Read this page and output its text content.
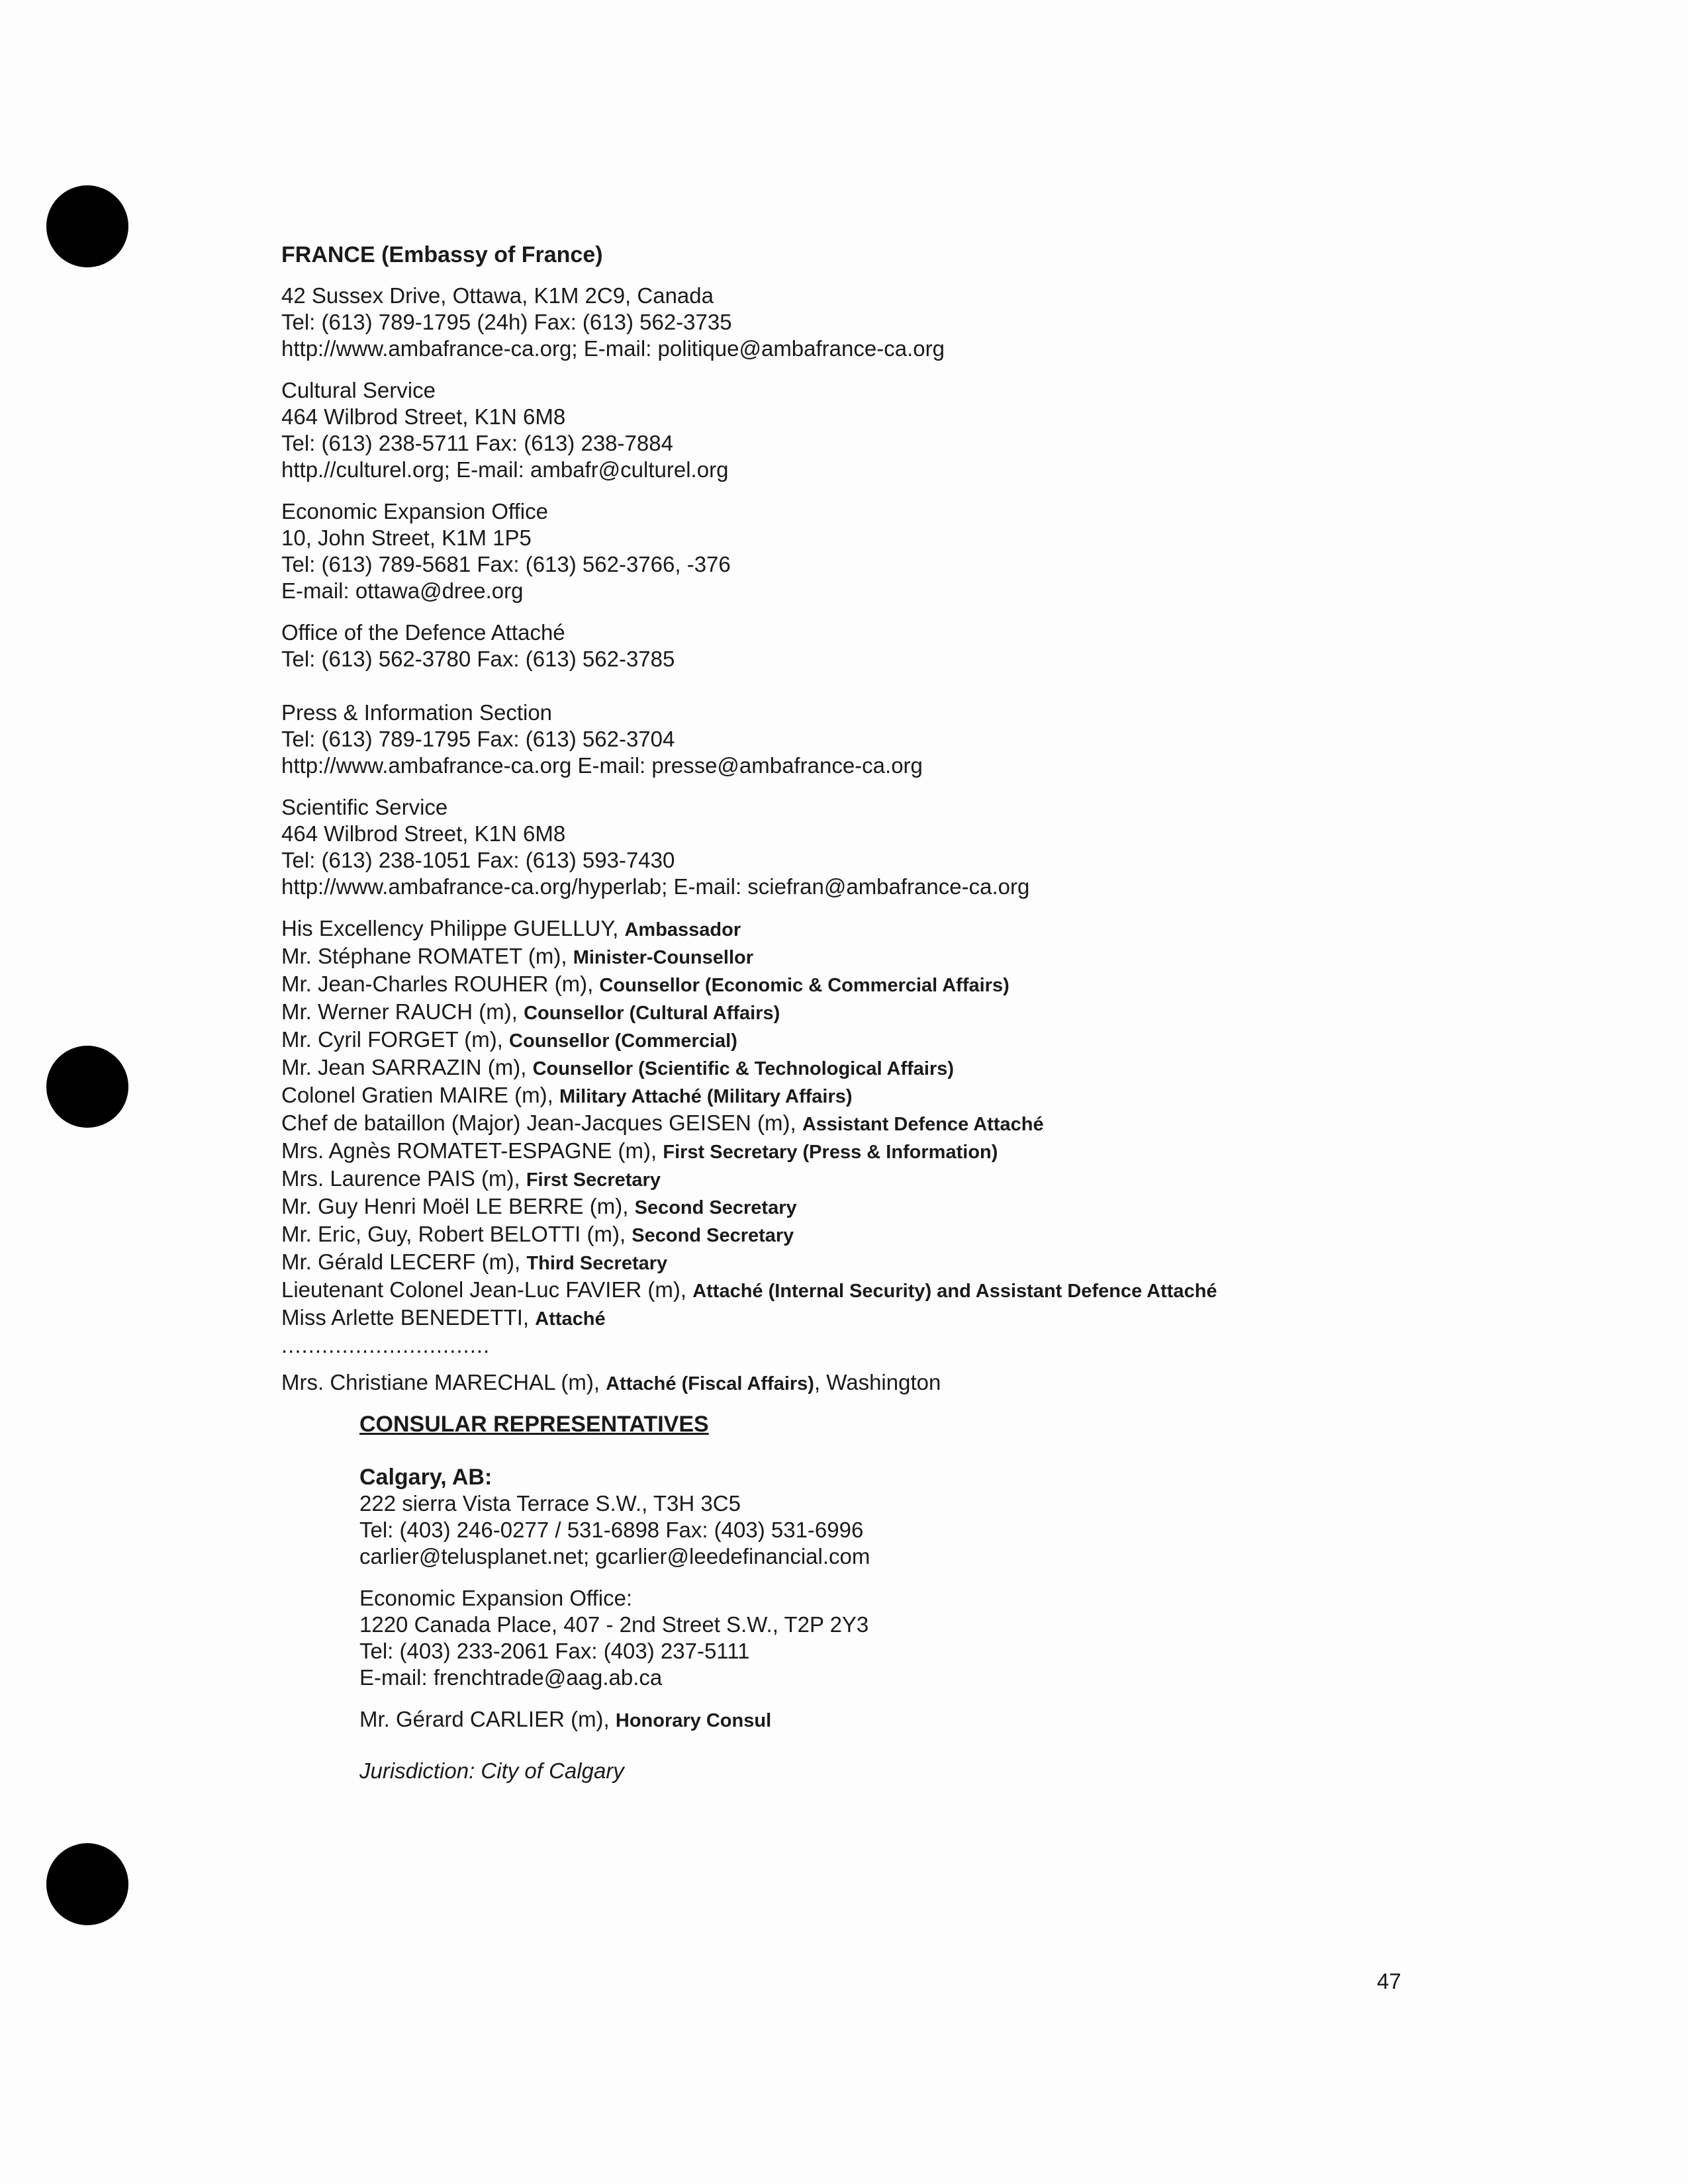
FRANCE (Embassy of France)
42 Sussex Drive, Ottawa, K1M 2C9, Canada
Tel: (613) 789-1795 (24h) Fax: (613) 562-3735
http://www.ambafrance-ca.org; E-mail: politique@ambafrance-ca.org
Cultural Service
464 Wilbrod Street, K1N 6M8
Tel: (613) 238-5711 Fax: (613) 238-7884
http.//culturel.org; E-mail: ambafr@culturel.org
Economic Expansion Office
10, John Street, K1M 1P5
Tel: (613) 789-5681 Fax: (613) 562-3766, -376
E-mail: ottawa@dree.org
Office of the Defence Attaché
Tel: (613) 562-3780 Fax: (613) 562-3785
Press & Information Section
Tel: (613) 789-1795 Fax: (613) 562-3704
http://www.ambafrance-ca.org E-mail: presse@ambafrance-ca.org
Scientific Service
464 Wilbrod Street, K1N 6M8
Tel: (613) 238-1051 Fax: (613) 593-7430
http://www.ambafrance-ca.org/hyperlab; E-mail: sciefran@ambafrance-ca.org
His Excellency Philippe GUELLUY, Ambassador
Mr. Stéphane ROMATET (m), Minister-Counsellor
Mr. Jean-Charles ROUHER (m), Counsellor (Economic & Commercial Affairs)
Mr. Werner RAUCH (m), Counsellor (Cultural Affairs)
Mr. Cyril FORGET (m), Counsellor (Commercial)
Mr. Jean SARRAZIN (m), Counsellor (Scientific & Technological Affairs)
Colonel Gratien MAIRE (m), Military Attaché (Military Affairs)
Chef de bataillon (Major) Jean-Jacques GEISEN (m), Assistant Defence Attaché
Mrs. Agnès ROMATET-ESPAGNE (m), First Secretary (Press & Information)
Mrs. Laurence PAIS (m), First Secretary
Mr. Guy Henri Moël LE BERRE (m), Second Secretary
Mr. Eric, Guy, Robert BELOTTI (m), Second Secretary
Mr. Gérald LECERF (m), Third Secretary
Lieutenant Colonel Jean-Luc FAVIER (m), Attaché (Internal Security) and Assistant Defence Attaché
Miss Arlette BENEDETTI, Attaché
...............................
Mrs. Christiane MARECHAL (m), Attaché (Fiscal Affairs), Washington
CONSULAR REPRESENTATIVES
Calgary, AB:
222 sierra Vista Terrace S.W., T3H 3C5
Tel: (403) 246-0277 / 531-6898 Fax: (403) 531-6996
carlier@telusplanet.net; gcarlier@leedefinancial.com
Economic Expansion Office:
1220 Canada Place, 407 - 2nd Street S.W., T2P 2Y3
Tel: (403) 233-2061 Fax: (403) 237-5111
E-mail: frenchtrade@aag.ab.ca
Mr. Gérard CARLIER (m), Honorary Consul
Jurisdiction: City of Calgary
47
